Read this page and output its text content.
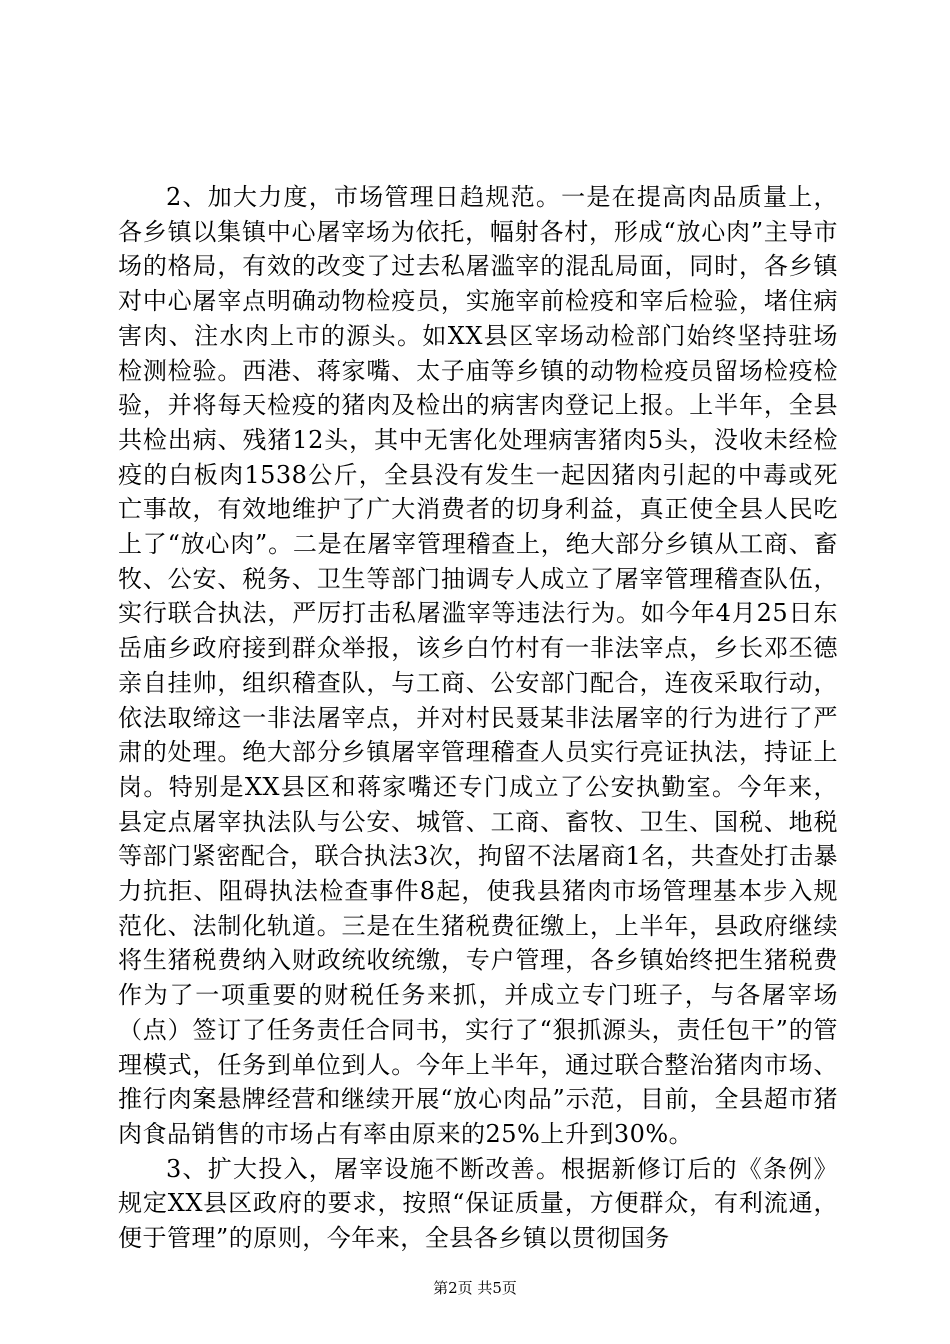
2、加大力度，市场管理日趋规范。一是在提高肉品质量上，各乡镇以集镇中心屠宰场为依托，幅射各村，形成“放心肉”主导市场的格局，有效的改变了过去私屠滥宰的混乱局面，同时，各乡镇对中心屠宰点明确动物检疫员，实施宰前检疫和宰后检验，堵住病害肉、注水肉上市的源头。如XX县区宰场动检部门始终坚持驻场检测检验。西港、蒋家嘴、太子庙等乡镇的动物检疫员留场检疫检验，并将每天检疫的猪肉及检出的病害肉登记上报。上半年，全县共检出病、残猪12头，其中无害化处理病害猪肉5头，没收未经检疫的白板肉1538公斤，全县没有发生一起因猪肉引起的中毒或死亡事故，有效地维护了广大消费者的切身利益，真正使全县人民吃上了“放心肉”。二是在屠宰管理稽查上，绝大部分乡镇从工商、畜牧、公安、税务、卫生等部门抽调专人成立了屠宰管理稽查队伍，实行联合执法，严厉打击私屠滥宰等违法行为。如今年4月25日东岳庙乡政府接到群众举报，该乡白竹村有一非法宰点，乡长邓丕德亲自挂帅，组织稽查队，与工商、公安部门配合，连夜采取行动，依法取缔这一非法屠宰点，并对村民聂某非法屠宰的行为进行了严肃的处理。绝大部分乡镇屠宰管理稽查人员实行亮证执法，持证上岗。特别是XX县区和蒋家嘴还专门成立了公安执勤室。今年来，县定点屠宰执法队与公安、城管、工商、畜牧、卫生、国税、地税等部门紧密配合，联合执法3次，拘留不法屠商1名，共查处打击暴力抗拒、阻碍执法检查事件8起，使我县猪肉市场管理基本步入规范化、法制化轨道。三是在生猪税费征缴上，上半年，县政府继续将生猪税费纳入财政统收统缴，专户管理，各乡镇始终把生猪税费作为了一项重要的财税任务来抓，并成立专门班子，与各屠宰场（点）签订了任务责任合同书，实行了“狠抓源头，责任包干”的管理模式，任务到单位到人。今年上半年，通过联合整治猪肉市场、推行肉案悬牌经营和继续开展“放心肉品”示范，目前，全县超市猪肉食品销售的市场占有率由原来的25%上升到30%。

3、扩大投入，屠宰设施不断改善。根据新修订后的《条例》规定XX县区政府的要求，按照“保证质量，方便群众，有利流通，便于管理”的原则，今年来，全县各乡镇以贯彻国务

第2页 共5页
